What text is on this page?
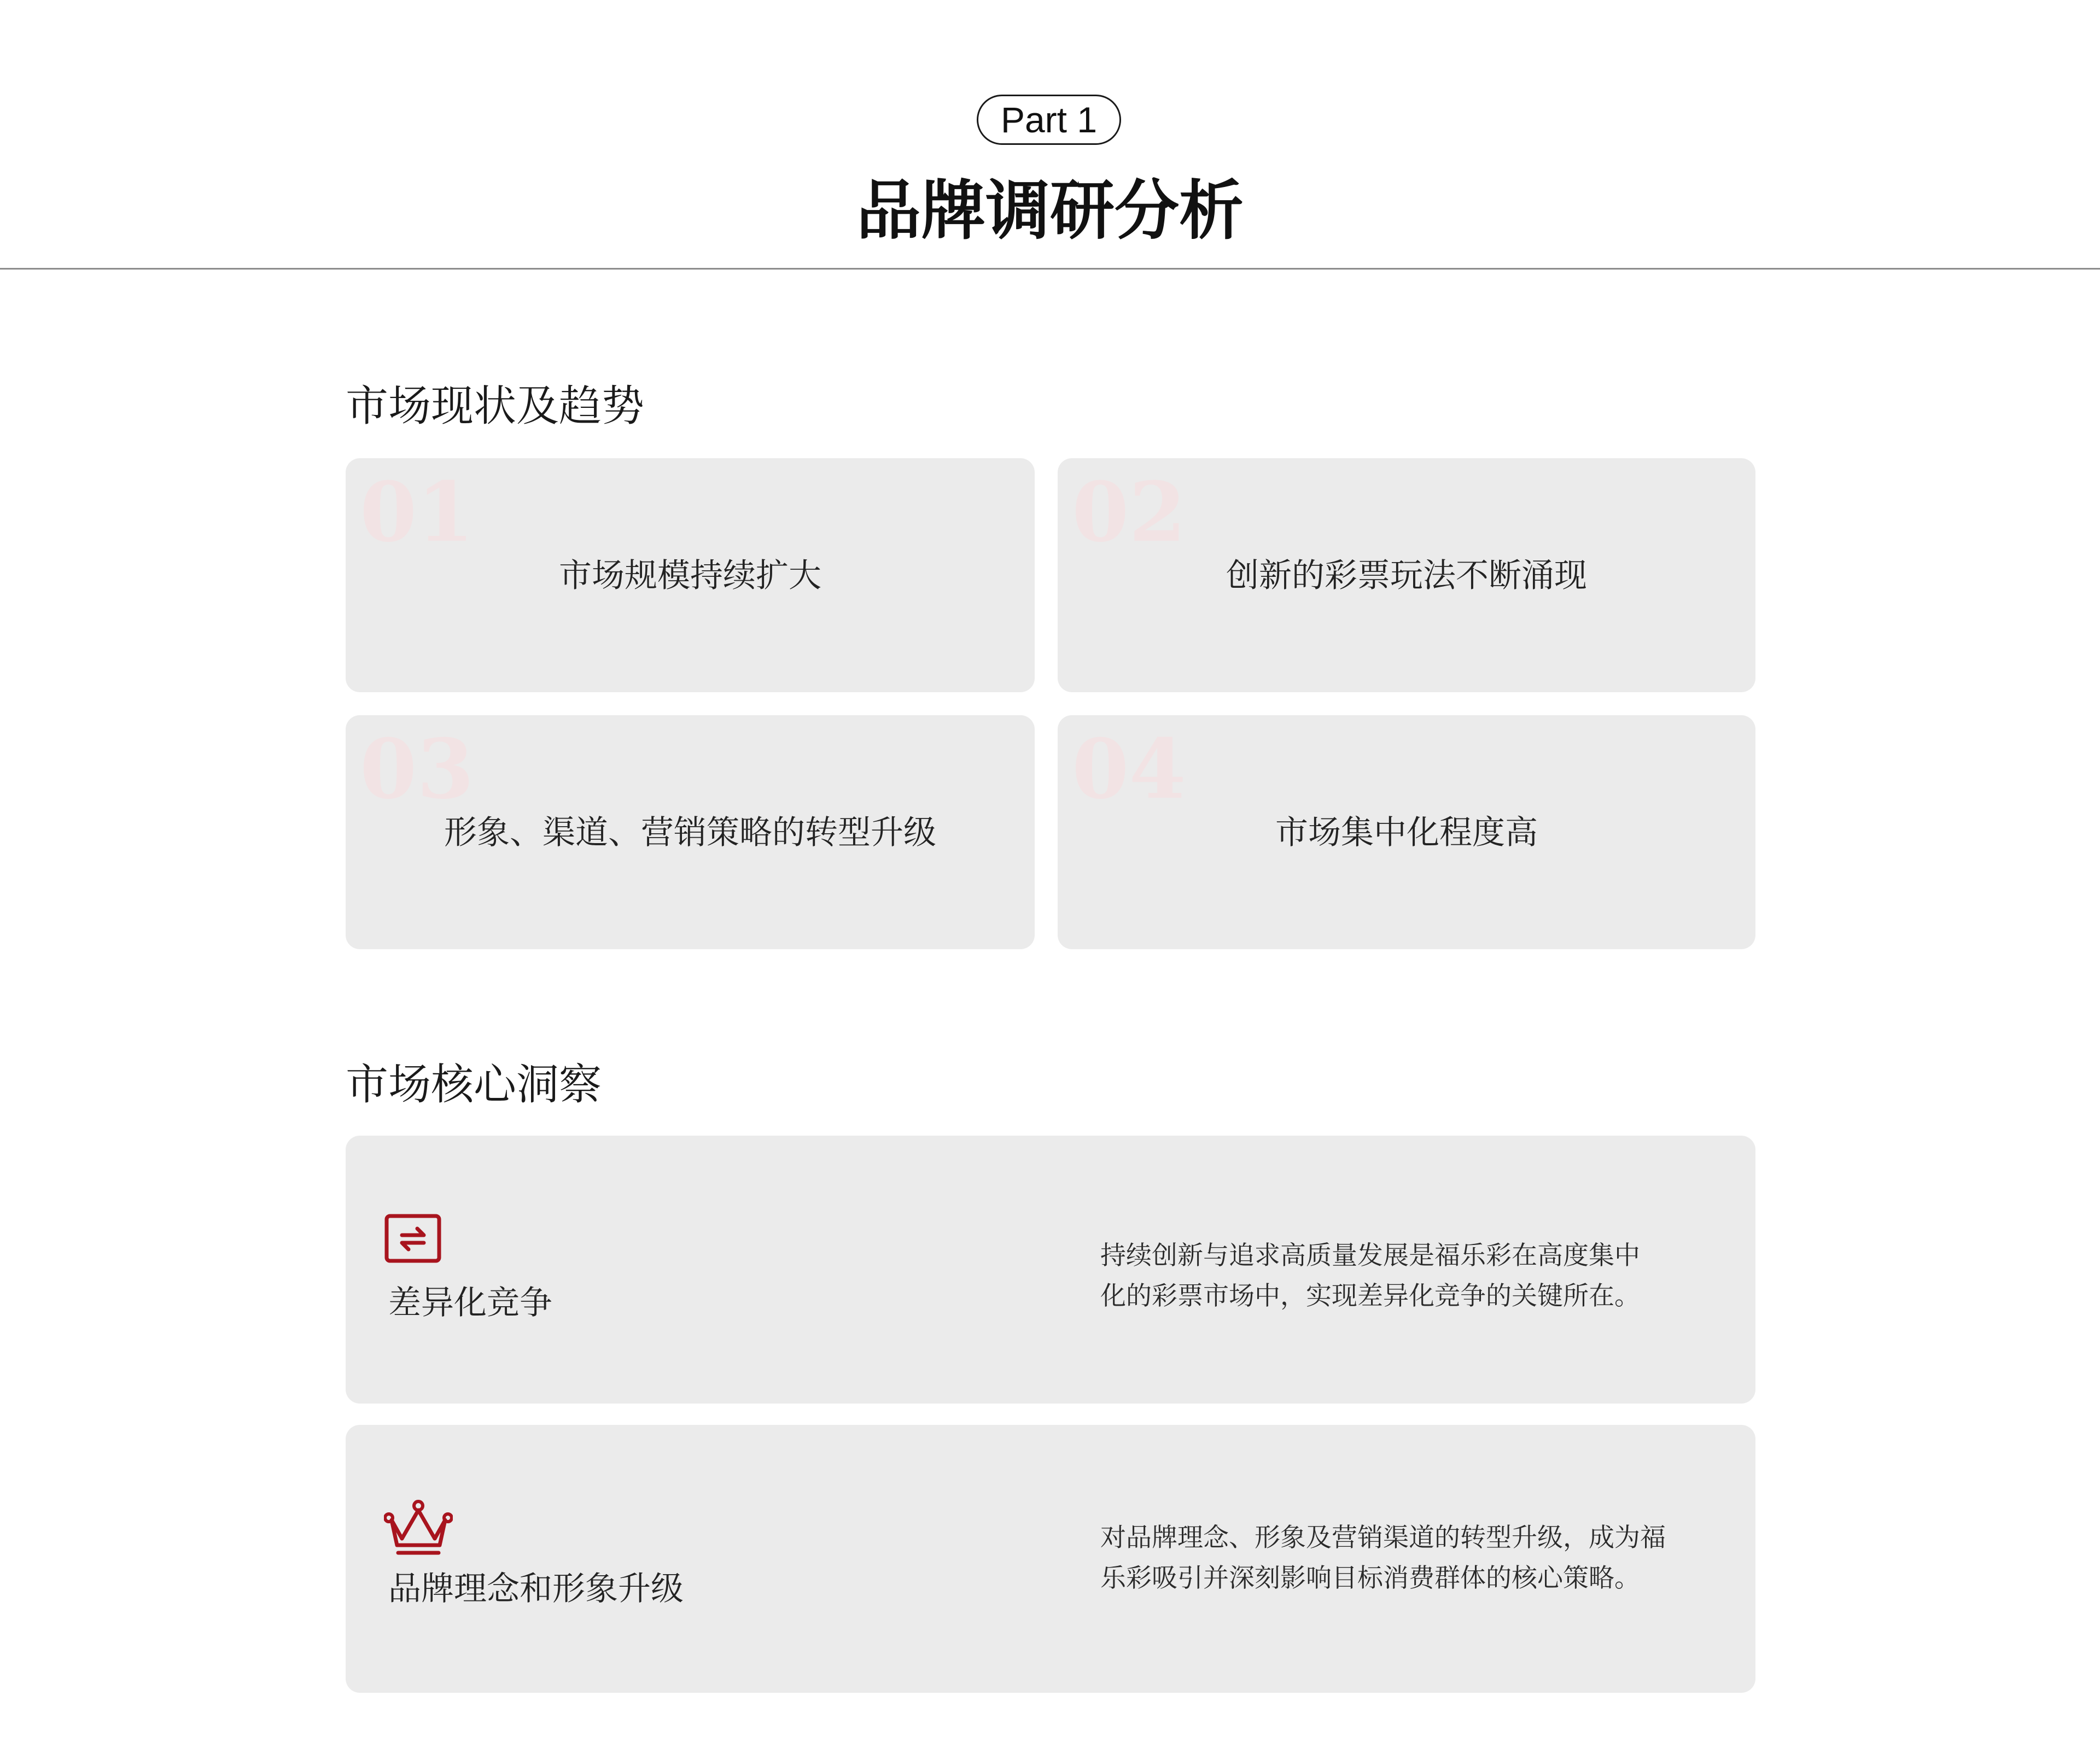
Part 1
品牌调研分析
市场现状及趋势
01
市场规模持续扩大
02
创新的彩票玩法不断涌现
03
形象、渠道、营销策略的转型升级
04
市场集中化程度高
市场核心洞察
差异化竞争
持续创新与追求高质量发展是福乐彩在高度集中
化的彩票市场中，实现差异化竞争的关键所在。
品牌理念和形象升级
对品牌理念、形象及营销渠道的转型升级，成为福
乐彩吸引并深刻影响目标消费群体的核心策略。
